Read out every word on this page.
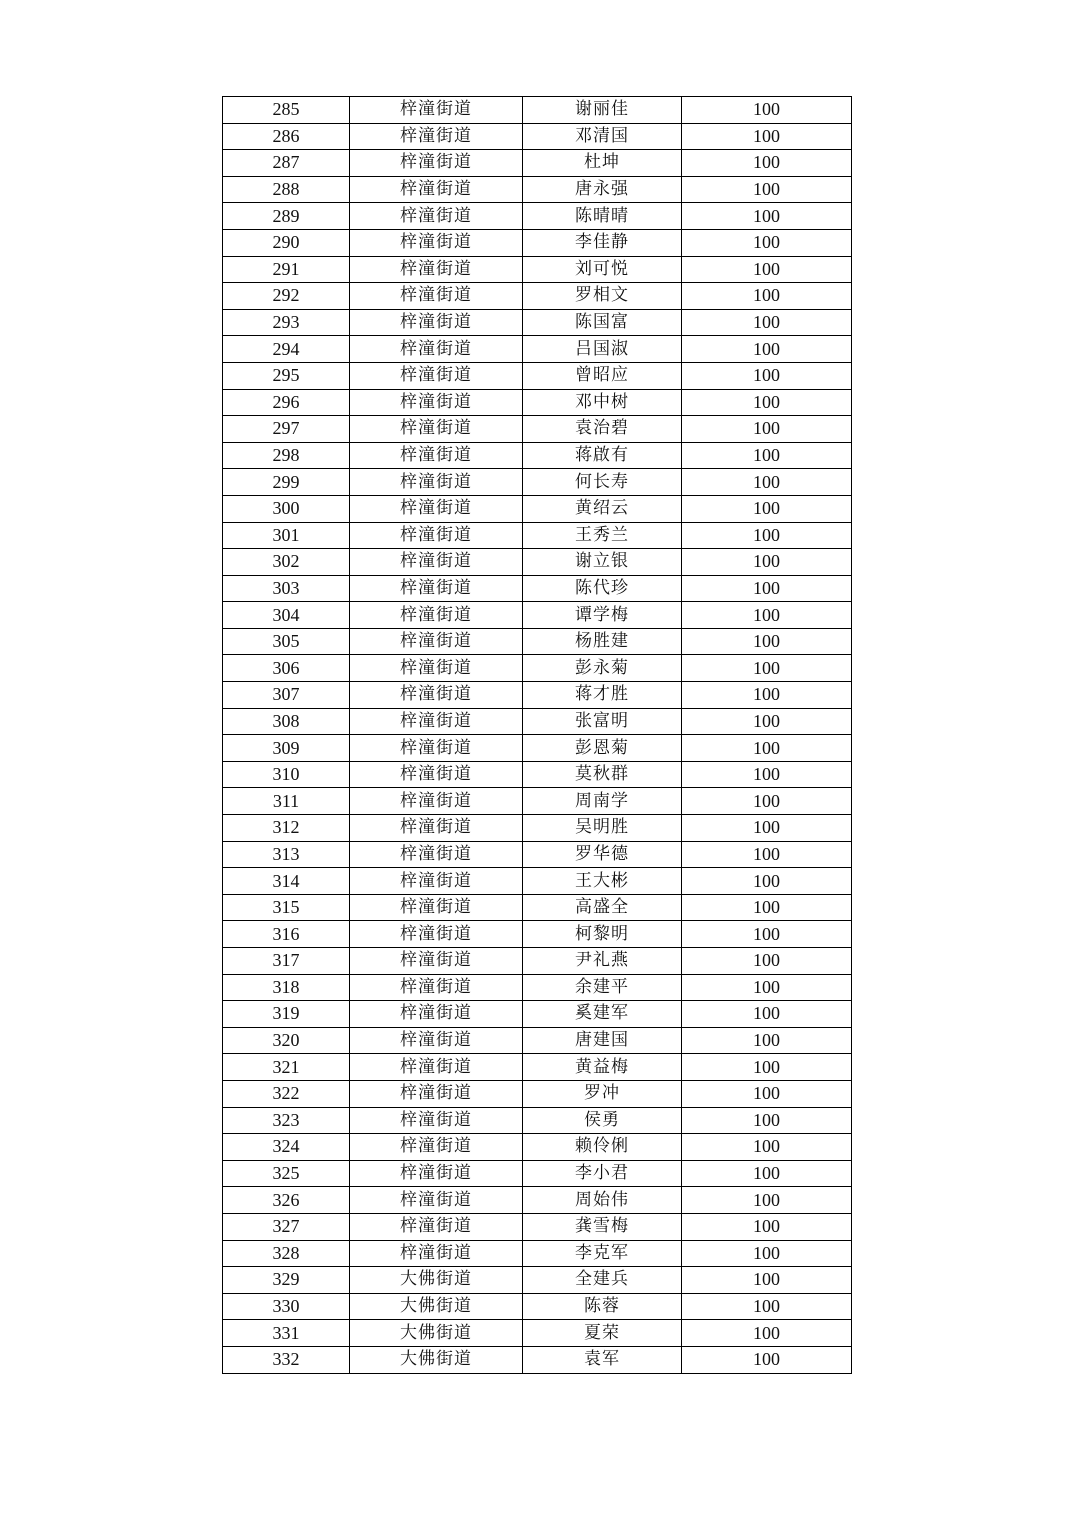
285	梓潼街道	谢丽佳	100
286	梓潼街道	邓清国	100
287	梓潼街道	杜坤	100
288	梓潼街道	唐永强	100
289	梓潼街道	陈晴晴	100
290	梓潼街道	李佳静	100
291	梓潼街道	刘可悦	100
292	梓潼街道	罗相文	100
293	梓潼街道	陈国富	100
294	梓潼街道	吕国淑	100
295	梓潼街道	曾昭应	100
296	梓潼街道	邓中树	100
297	梓潼街道	袁治碧	100
298	梓潼街道	蒋啟有	100
299	梓潼街道	何长寿	100
300	梓潼街道	黄绍云	100
301	梓潼街道	王秀兰	100
302	梓潼街道	谢立银	100
303	梓潼街道	陈代珍	100
304	梓潼街道	谭学梅	100
305	梓潼街道	杨胜建	100
306	梓潼街道	彭永菊	100
307	梓潼街道	蒋才胜	100
308	梓潼街道	张富明	100
309	梓潼街道	彭恩菊	100
310	梓潼街道	莫秋群	100
311	梓潼街道	周南学	100
312	梓潼街道	吴明胜	100
313	梓潼街道	罗华德	100
314	梓潼街道	王大彬	100
315	梓潼街道	高盛全	100
316	梓潼街道	柯黎明	100
317	梓潼街道	尹礼燕	100
318	梓潼街道	余建平	100
319	梓潼街道	奚建军	100
320	梓潼街道	唐建国	100
321	梓潼街道	黄益梅	100
322	梓潼街道	罗冲	100
323	梓潼街道	侯勇	100
324	梓潼街道	赖伶俐	100
325	梓潼街道	李小君	100
326	梓潼街道	周始伟	100
327	梓潼街道	龚雪梅	100
328	梓潼街道	李克军	100
329	大佛街道	全建兵	100
330	大佛街道	陈蓉	100
331	大佛街道	夏荣	100
332	大佛街道	袁军	100
